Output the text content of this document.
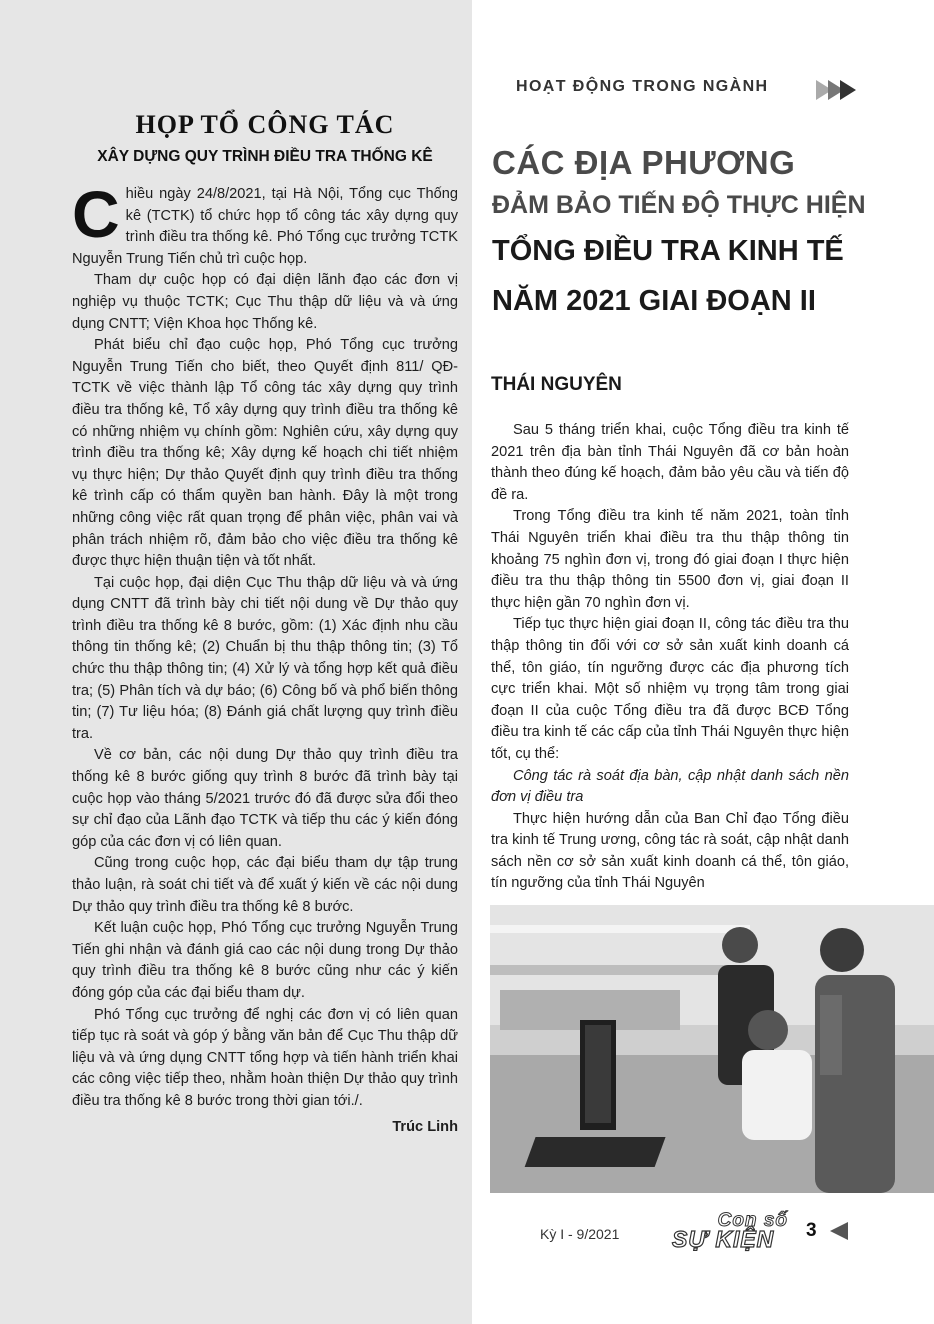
HỌP TỔ CÔNG TÁC
XÂY DỰNG QUY TRÌNH ĐIỀU TRA THỐNG KÊ

Chiều ngày 24/8/2021, tại Hà Nội, Tổng cục Thống kê (TCTK) tổ chức họp tổ công tác xây dựng quy trình điều tra thống kê. Phó Tổng cục trưởng TCTK Nguyễn Trung Tiến chủ trì cuộc họp.

Tham dự cuộc họp có đại diện lãnh đạo các đơn vị nghiệp vụ thuộc TCTK; Cục Thu thập dữ liệu và và ứng dụng CNTT; Viện Khoa học Thống kê.

Phát biểu chỉ đạo cuộc họp, Phó Tổng cục trưởng Nguyễn Trung Tiến cho biết, theo Quyết định 811/ QĐ-TCTK về việc thành lập Tổ công tác xây dựng quy trình điều tra thống kê, Tổ xây dựng quy trình điều tra thống kê có những nhiệm vụ chính gồm: Nghiên cứu, xây dựng quy trình điều tra thống kê; Xây dựng kế hoạch chi tiết nhiệm vụ thực hiện; Dự thảo Quyết định quy trình điều tra thống kê trình cấp có thẩm quyền ban hành. Đây là một trong những công việc rất quan trọng để phân việc, phân vai và phân trách nhiệm rõ, đảm bảo cho việc điều tra thống kê được thực hiện thuận tiện và tốt nhất.

Tại cuộc họp, đại diện Cục Thu thập dữ liệu và và ứng dụng CNTT đã trình bày chi tiết nội dung về Dự thảo quy trình điều tra thống kê 8 bước, gồm: (1) Xác định nhu cầu thông tin thống kê; (2) Chuẩn bị thu thập thông tin; (3) Tổ chức thu thập thông tin; (4) Xử lý và tổng hợp kết quả điều tra; (5) Phân tích và dự báo; (6) Công bố và phổ biến thông tin; (7) Tư liệu hóa; (8) Đánh giá chất lượng quy trình điều tra.

Về cơ bản, các nội dung Dự thảo quy trình điều tra thống kê 8 bước giống quy trình 8 bước đã trình bày tại cuộc họp vào tháng 5/2021 trước đó đã được sửa đổi theo sự chỉ đạo của Lãnh đạo TCTK và tiếp thu các ý kiến đóng góp của các đơn vị có liên quan.

Cũng trong cuộc họp, các đại biểu tham dự tập trung thảo luận, rà soát chi tiết và để xuất ý kiến về các nội dung Dự thảo quy trình điều tra thống kê 8 bước.

Kết luận cuộc họp, Phó Tổng cục trưởng Nguyễn Trung Tiến ghi nhận và đánh giá cao các nội dung trong Dự thảo quy trình điều tra thống kê 8 bước cũng như các ý kiến đóng góp của các đại biểu tham dự.

Phó Tổng cục trưởng để nghị các đơn vị có liên quan tiếp tục rà soát và góp ý bằng văn bản để Cục Thu thập dữ liệu và và ứng dụng CNTT tổng hợp và tiến hành triển khai các công việc tiếp theo, nhằm hoàn thiện Dự thảo quy trình điều tra thống kê 8 bước trong thời gian tới./.

Trúc Linh
HOẠT ĐỘNG TRONG NGÀNH
CÁC ĐỊA PHƯƠNG
ĐẢM BẢO TIẾN ĐỘ THỰC HIỆN
TỔNG ĐIỀU TRA KINH TẾ
NĂM 2021 GIAI ĐOẠN II
THÁI NGUYÊN

Sau 5 tháng triển khai, cuộc Tổng điều tra kinh tế 2021 trên địa bàn tỉnh Thái Nguyên đã cơ bản hoàn thành theo đúng kế hoạch, đảm bảo yêu cầu và tiến độ đề ra.

Trong Tổng điều tra kinh tế năm 2021, toàn tỉnh Thái Nguyên triển khai điều tra thu thập thông tin khoảng 75 nghìn đơn vị, trong đó giai đoạn I thực hiện điều tra thu thập thông tin 5500 đơn vị, giai đoạn II thực hiện gần 70 nghìn đơn vị.

Tiếp tục thực hiện giai đoạn II, công tác điều tra thu thập thông tin đối với cơ sở sản xuất kinh doanh cá thể, tôn giáo, tín ngưỡng được các địa phương tích cực triển khai. Một số nhiệm vụ trọng tâm trong giai đoạn II của cuộc Tổng điều tra đã được BCĐ Tổng điều tra kinh tế các cấp của tỉnh Thái Nguyên thực hiện tốt, cụ thể:

Công tác rà soát địa bàn, cập nhật danh sách nền đơn vị điều tra

Thực hiện hướng dẫn của Ban Chỉ đạo Tổng điều tra kinh tế Trung ương, công tác rà soát, cập nhật danh sách nền cơ sở sản xuất kinh doanh cá thể, tôn giáo, tín ngưỡng của tỉnh Thái Nguyên

Kỳ I - 9/2021
Con số
SỰ KIỆN 3
